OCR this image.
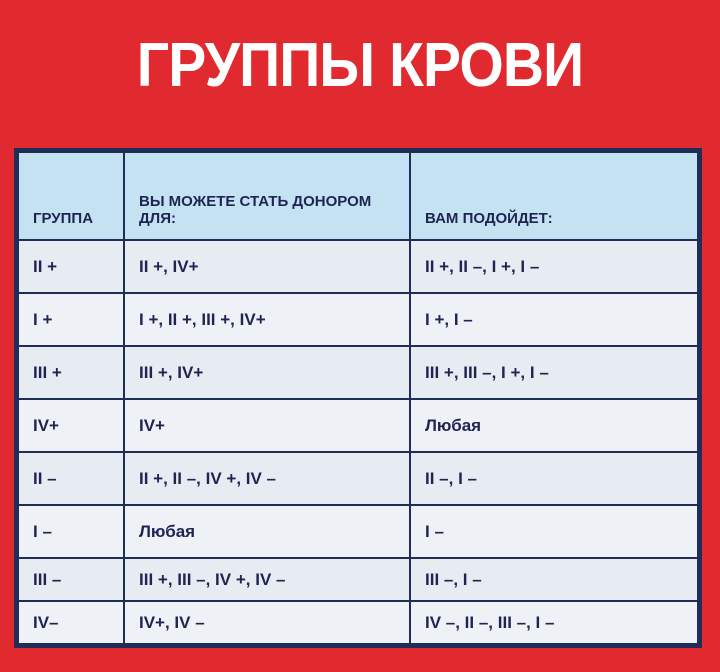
ГРУППЫ КРОВИ
ГРУППА	ВЫ МОЖЕТЕ СТАТЬ ДОНОРОМ ДЛЯ:	ВАМ ПОДОЙДЕТ:
II +	II +, IV+	II +, II –, I +, I –
I +	I +, II +, III +, IV+	I +, I –
III +	III +, IV+	III +, III –, I +, I –
IV+	IV+	Любая
II –	II +, II –, IV +, IV –	II –, I –
I –	Любая	I –
III –	III +, III –, IV +, IV –	III –, I –
IV–	IV+, IV –	IV –, II –, III –, I –
